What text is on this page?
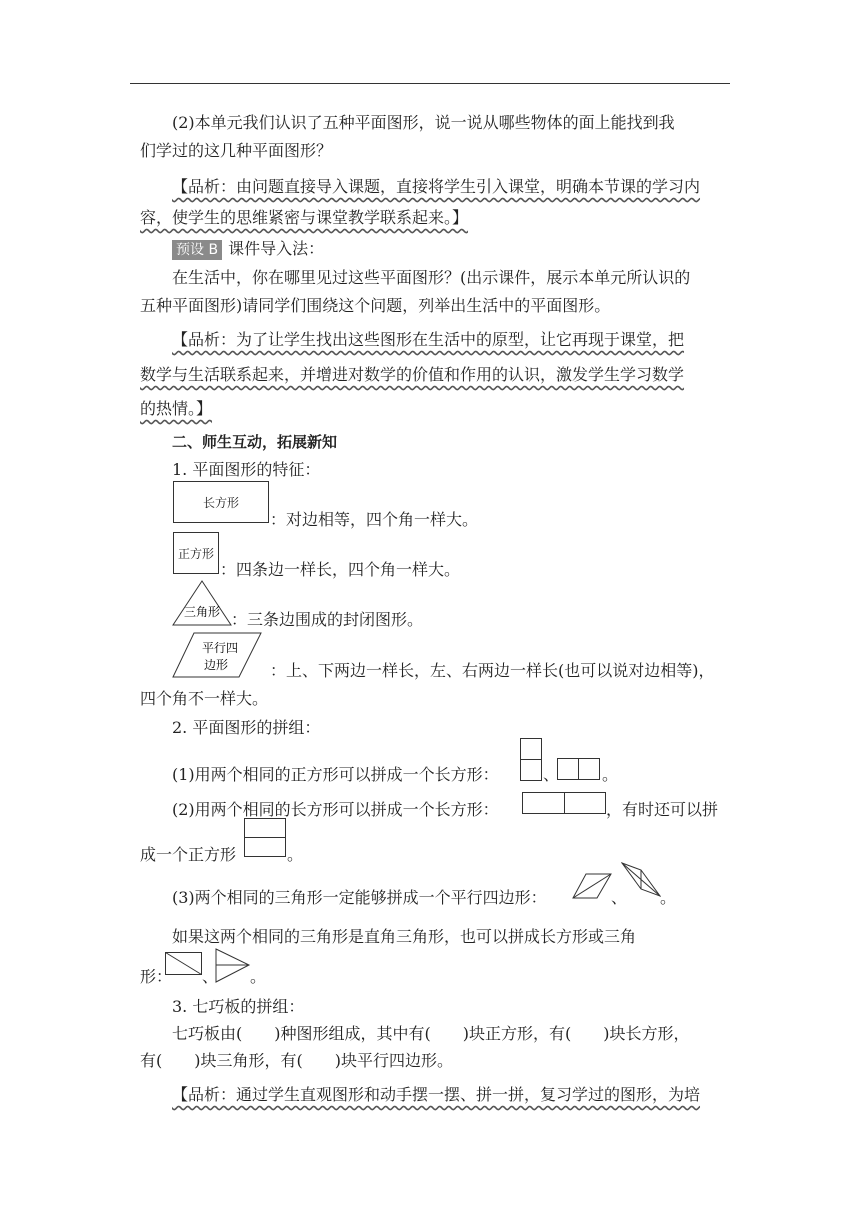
(2)本单元我们认识了五种平面图形，说一说从哪些物体的面上能找到我
们学过的这几种平面图形？
【品析：由问题直接导入课题，直接将学生引入课堂，明确本节课的学习内
容，使学生的思维紧密与课堂教学联系起来。】
预设 B 课件导入法：
在生活中，你在哪里见过这些平面图形？(出示课件，展示本单元所认识的
五种平面图形)请同学们围绕这个问题，列举出生活中的平面图形。
【品析：为了让学生找出这些图形在生活中的原型，让它再现于课堂，把
数学与生活联系起来，并增进对数学的价值和作用的认识，激发学生学习数学
的热情。】
二、师生互动，拓展新知
1. 平面图形的特征：
长方形
：对边相等，四个角一样大。
正方形
：四条边一样长，四个角一样大。
三角形 ：三条边围成的封闭图形。
平行四
边形	：上、下两边一样长，左、右两边一样长(也可以说对边相等)，
四个角不一样大。
2. 平面图形的拼组：
(1)用两个相同的正方形可以拼成一个长方形：	、	。
(2)用两个相同的长方形可以拼成一个长方形：	，有时还可以拼
成一个正方形	。
(3)两个相同的三角形一定能够拼成一个平行四边形：	、 。
如果这两个相同的三角形是直角三角形，也可以拼成长方形或三角
形： 、 。
3. 七巧板的拼组：
七巧板由(　　)种图形组成，其中有(　　)块正方形，有(　　)块长方形，
有(　　)块三角形，有(　　)块平行四边形。
【品析：通过学生直观图形和动手摆一摆、拼一拼，复习学过的图形，为培
